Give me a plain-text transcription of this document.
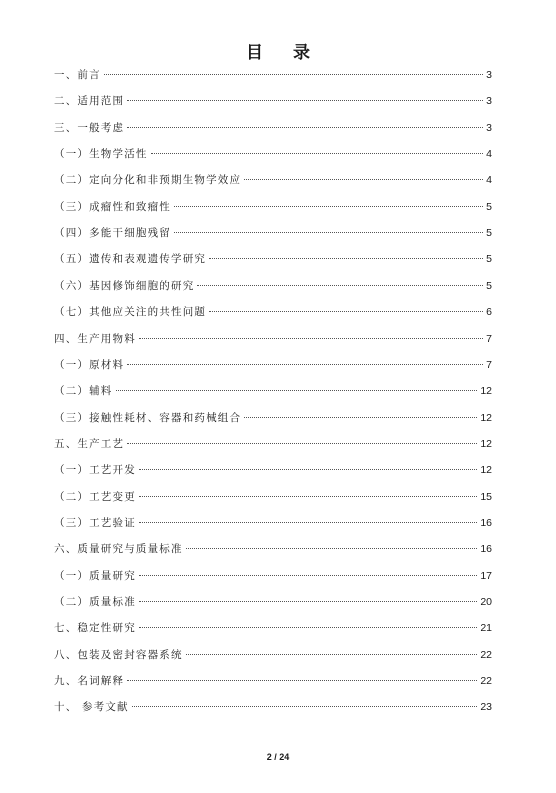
目 录
一、前言	3
二、适用范围	3
三、一般考虑	3
（一）生物学活性	4
（二）定向分化和非预期生物学效应	4
（三）成瘤性和致瘤性	5
（四）多能干细胞残留	5
（五）遗传和表观遗传学研究	5
（六）基因修饰细胞的研究	5
（七）其他应关注的共性问题	6
四、生产用物料	7
（一）原材料	7
（二）辅料	12
（三）接触性耗材、容器和药械组合	12
五、生产工艺	12
（一）工艺开发	12
（二）工艺变更	15
（三）工艺验证	16
六、质量研究与质量标准	16
（一）质量研究	17
（二）质量标准	20
七、稳定性研究	21
八、包装及密封容器系统	22
九、名词解释	22
十、 参考文献	23
2 / 24
